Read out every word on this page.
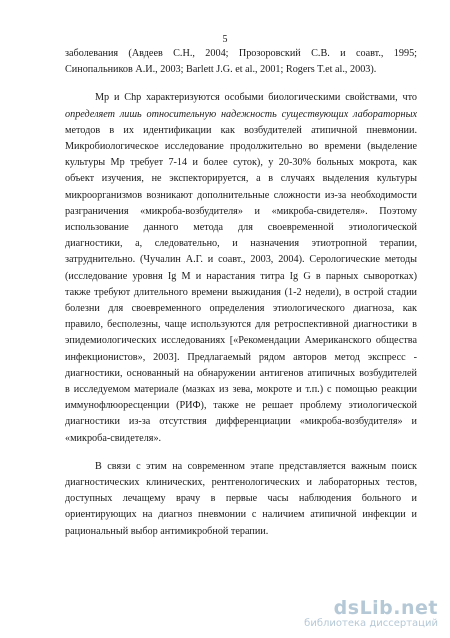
5

заболевания (Авдеев С.Н., 2004; Прозоровский С.В. и соавт., 1995;
Синопальников А.И., 2003; Barlett J.G. et al., 2001; Rogers T.et al., 2003).

Mp и Chp характеризуются особыми биологическими свойствами, что
определяет лишь относительную надежность существующих лабораторных
методов в их идентификации как возбудителей атипичной пневмонии.
Микробиологическое исследование продолжительно во времени (выделение
культуры Mp требует 7-14 и более суток), у 20-30% больных мокрота, как
объект изучения, не экспекторируется, а в случаях выделения культуры
микроорганизмов возникают дополнительные сложности из-за необходимости
разграничения «микроба-возбудителя» и «микроба-свидетеля». Поэтому
использование данного метода для своевременной этиологической
диагностики, а, следовательно, и назначения этиотропной терапии,
затруднительно. (Чучалин А.Г. и соавт., 2003, 2004). Серологические методы
(исследование уровня Ig M и нарастания титра Ig G в парных сыворотках)
также требуют длительного времени выжидания (1-2 недели), в острой стадии
болезни для своевременного определения этиологического диагноза, как
правило, бесполезны, чаще используются для ретроспективной диагностики в
эпидемиологических исследованиях [«Рекомендации Американского общества
инфекционистов», 2003]. Предлагаемый рядом авторов метод экспресс -
диагностики, основанный на обнаружении антигенов атипичных возбудителей
в исследуемом материале (мазках из зева, мокроте и т.п.) с помощью реакции
иммунофлюоресценции (РИФ), также не решает проблему этиологической
диагностики из-за отсутствия дифференциации «микроба-возбудителя» и
«микроба-свидетеля».

В связи с этим на современном этапе представляется важным поиск
диагностических клинических, рентгенологических и лабораторных тестов,
доступных лечащему врачу в первые часы наблюдения больного и
ориентирующих на диагноз пневмонии с наличием атипичной инфекции и
рациональный выбор антимикробной терапии.

dsLib.net
библиотека диссертаций
